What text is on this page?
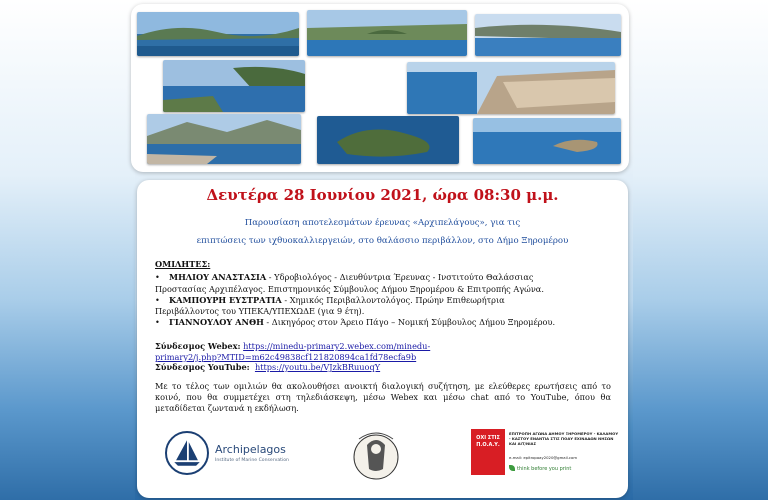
Δευτέρα 28 Ιουνίου 2021, ώρα 08:30 μ.μ.
Παρουσίαση αποτελεσμάτων έρευνας «Αρχιπελάγους», για τις
επιπτώσεις των ιχθυοκαλλιεργειών, στο θαλάσσιο περιβάλλον, στο Δήμο Ξηρομέρου
ΟΜΙΛΗΤΕΣ:
•	ΜΗΛΙΟΥ ΑΝΑΣΤΑΣΙΑ - Υδροβιολόγος - Διευθύντρια Έρευνας - Ινστιτούτο Θαλάσσιας
Προστασίας Αρχιπέλαγος. Επιστημονικός Σύμβουλος Δήμου Ξηρομέρου & Επιτροπής Αγώνα.
•	ΚΑΜΠΟΥΡΗ ΕΥΣΤΡΑΤΙΑ - Χημικός Περιβαλλοντολόγος. Πρώην Επιθεωρήτρια
Περιβάλλοντος του ΥΠΕΚΑ/ΥΠΕΧΩΔΕ (για 9 έτη).
•	ΓΙΑΝΝΟΥΛΟΥ ΑΝΘΗ - Δικηγόρος στον Άρειο Πάγο – Νομική Σύμβουλος Δήμου Ξηρομέρου.
Σύνδεσμος Webex: https://minedu-primary2.webex.com/minedu-
primary2/j.php?MTID=m62c49838cf121820894ca1fd78ecfa9b
Σύνδεσμος YouTube: https://youtu.be/VJzkBRuuoqY
Με το τέλος των ομιλιών θα ακολουθήσει ανοικτή διαλογική συζήτηση, με ελεύθερες ερωτήσεις από το κοινό, που θα συμμετέχει στη τηλεδιάσκεψη, μέσω Webex και μέσω chat από το YouTube, όπου θα μεταδίδεται ζωντανά η εκδήλωση.
Archipelagos
Institute of Marine Conservation
ΟΧΙ ΣΤΙΣ Π.Ο.Α.Υ.
ΕΠΙΤΡΟΠΗ ΑΓΩΝΑ ΔΗΜΟΥ ΞΗΡΟΜΕΡΟΥ - ΚΑΛΑΜΟΥ - ΚΑΣΤΟΥ ΕΝΑΝΤΙΑ ΣΤΙΣ ΠΟΑΥ ΕΧΙΝΑΔΩΝ ΝΗΣΩΝ ΚΑΙ ΑΙΤ/ΝΙΑΣ
e-mail: epitropoay2020@gmail.com
think before you print
